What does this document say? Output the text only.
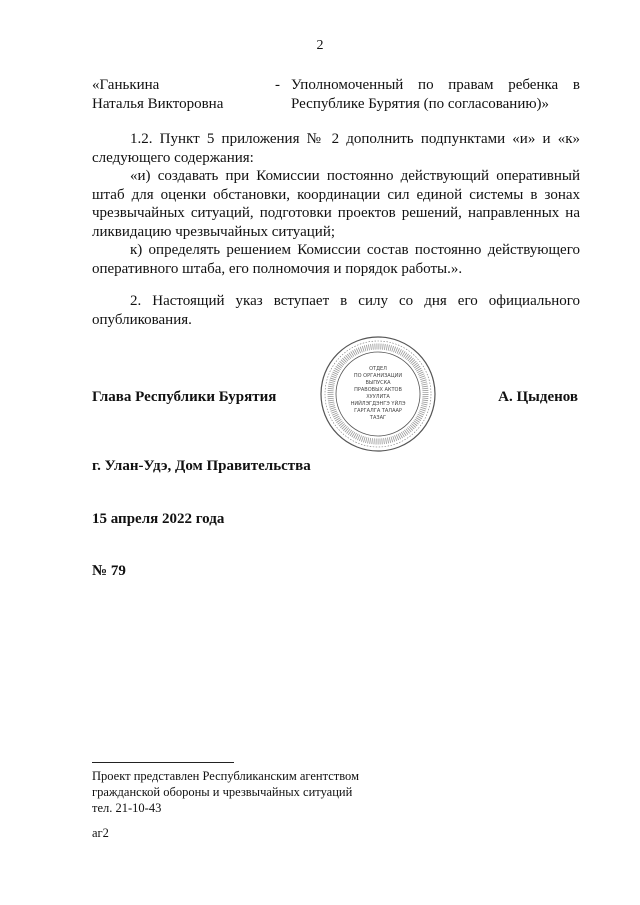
2
«Ганькина
Наталья Викторовна
- Уполномоченный по правам ребенка в Республике Бурятия (по согласованию)»

1.2. Пункт 5 приложения № 2 дополнить подпунктами «и» и «к» следующего содержания:

«и) создавать при Комиссии постоянно действующий оперативный штаб для оценки обстановки, координации сил единой системы в зонах чрезвычайных ситуаций, подготовки проектов решений, направленных на ликвидацию чрезвычайных ситуаций;

к) определять решением Комиссии состав постоянно действующего оперативного штаба, его полномочия и порядок работы.».

2. Настоящий указ вступает в силу со дня его официального опубликования.

ОТДЕЛ
ПО ОРГАНИЗАЦИИ
ВЫПУСКА
ПРАВОВЫХ АКТОВ
ХУУЛИТА
НИЙЛЭГДЭНГЭ ҮЙЛЭ
ГАРГАЛГА ТАЛААР
ТАЗАГ
Глава Республики Бурятия	А. Цыденов
г. Улан-Удэ, Дом Правительства
15 апреля 2022 года
№ 79
Проект представлен Республиканским агентством
гражданской обороны и чрезвычайных ситуаций
тел. 21-10-43
аг2
